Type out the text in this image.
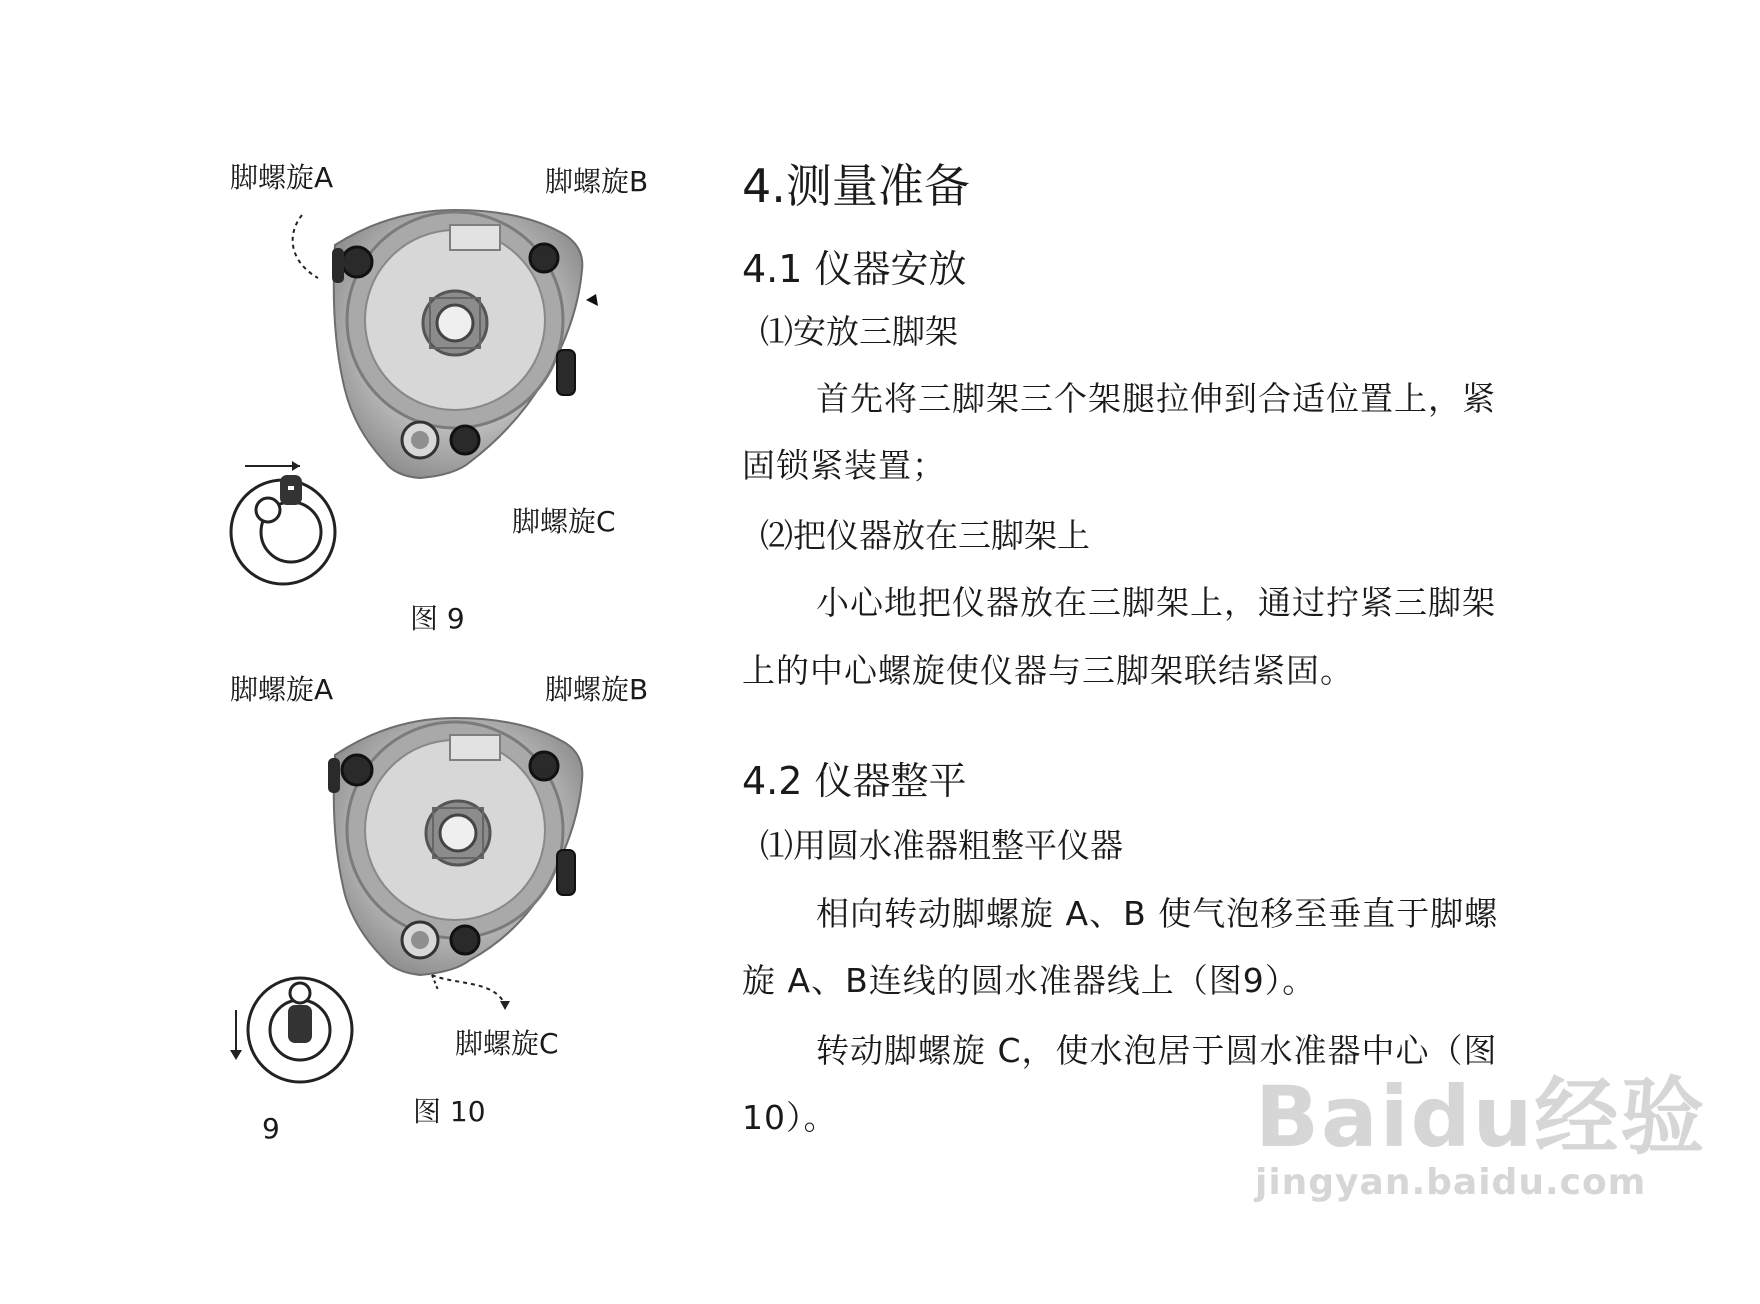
脚螺旋A	脚螺旋B
脚螺旋C
图 9
脚螺旋A	脚螺旋B
脚螺旋C
图 10
9
4.测量准备
4.1 仪器安放
⑴安放三脚架
首先将三脚架三个架腿拉伸到合适位置上，紧
固锁紧装置；
⑵把仪器放在三脚架上
小心地把仪器放在三脚架上，通过拧紧三脚架
上的中心螺旋使仪器与三脚架联结紧固。
4.2 仪器整平
⑴用圆水准器粗整平仪器
相向转动脚螺旋 A、B 使气泡移至垂直于脚螺
旋 A、B连线的圆水准器线上（图9）。
转动脚螺旋 C，使水泡居于圆水准器中心（图
10）。	Baidu经验
jingyan.baidu.com
